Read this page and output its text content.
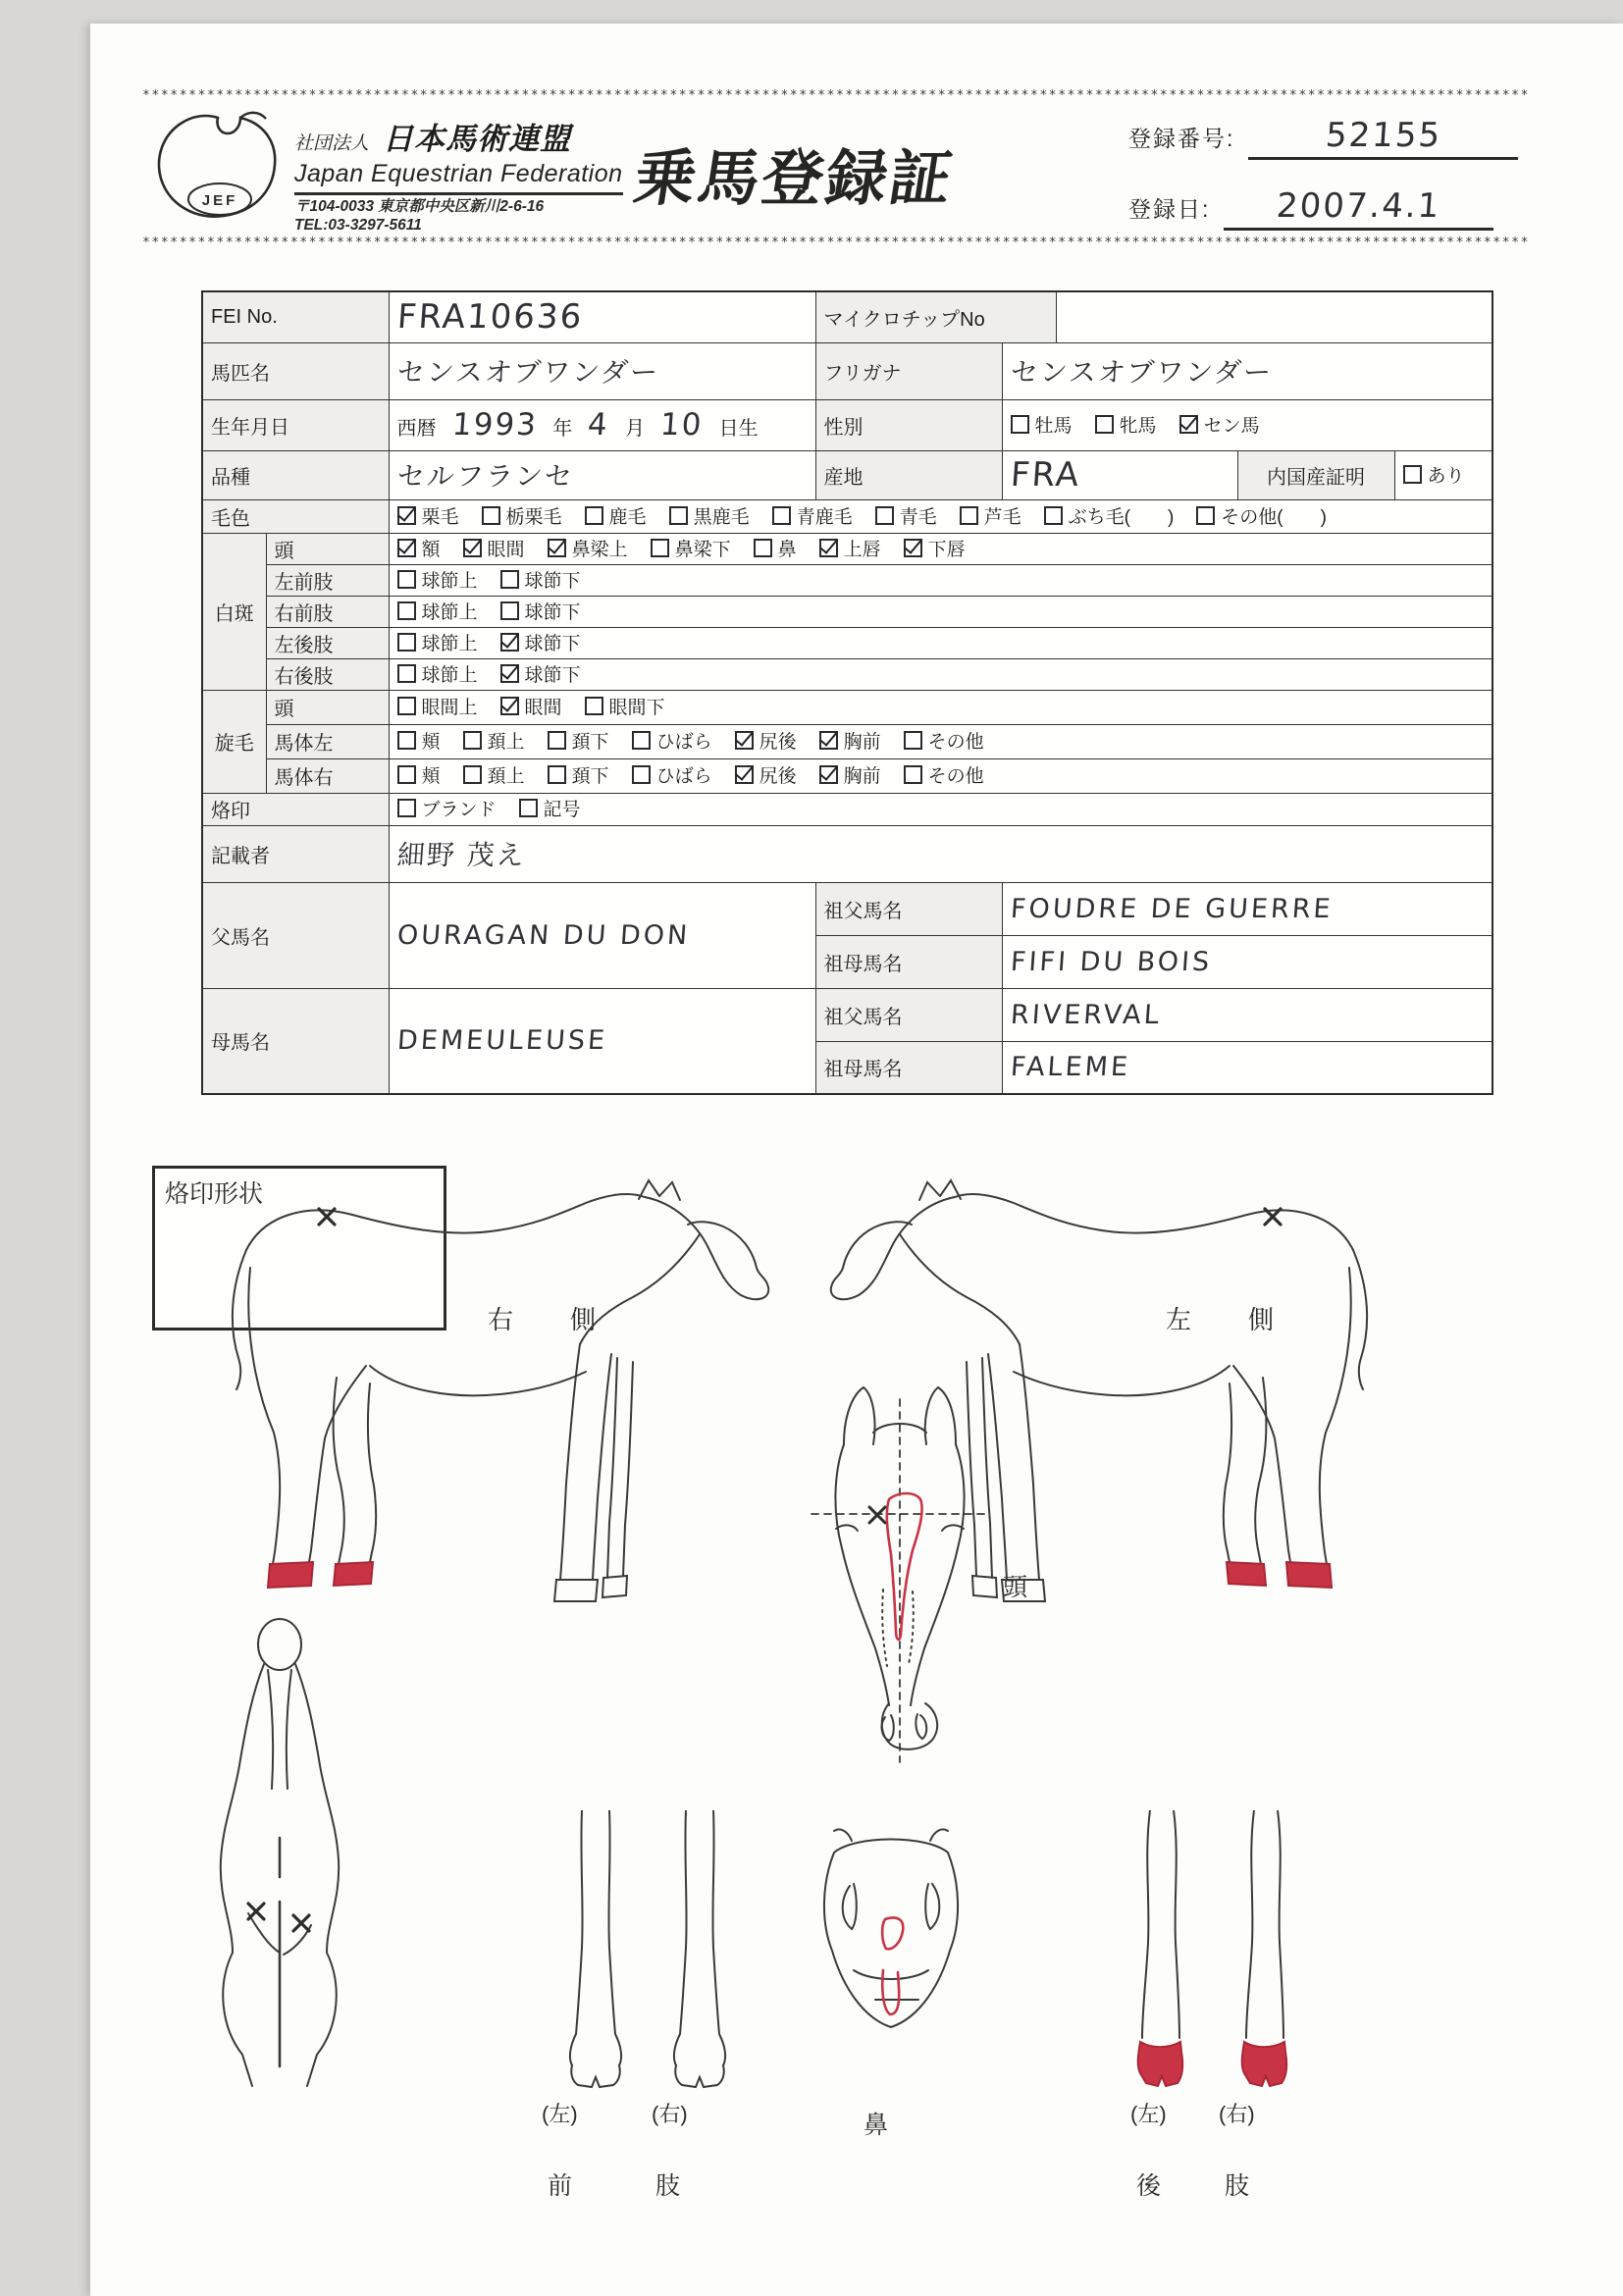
******************************************************************************************************************************************************
******************************************************************************************************************************************************
JEF
社団法人 日本馬術連盟
Japan Equestrian Federation
〒104-0033 東京都中央区新川2-6-16
TEL:03-3297-5611
乗馬登録証
登録番号:	52155
登録日:	2007.4.1
FEI No.		FRA10636	マイクロチップNo				
馬匹名		センスオブワンダー	フリガナ	センスオブワンダー			
生年月日	西暦 1993 年 4 月 10 日生	性別	牡馬	牝馬	セン馬

品種		セルフランセ	産地	FRA		内国産証明	あり

毛色	栗毛	栃栗毛	鹿毛	黒鹿毛	青鹿毛	青毛	芦毛	ぶち毛(　　)	その他(　　)

白斑	頭	額	眼間	鼻梁上	鼻梁下	鼻	上唇	下唇

	左前肢	球節上 球節下					

	右前肢	球節上 球節下					

	左後肢	球節上 球節下					

	右後肢	球節上 球節下					

旋毛	頭	眼間上 眼間 眼間下					

馬体左	頬	頚上	頚下	ひばら	尻後	胸前	その他

馬体右	頬	頚上	頚下	ひばら	尻後	胸前	その他

烙印		ブランド 記号					

記載者		細野 茂え					
父馬名		OURAGAN DU DON	祖父馬名	FOUDRE DE GUERRE			
			祖母馬名	FIFI DU BOIS			
母馬名		DEMEULEUSE	祖父馬名	RIVERVAL			
			祖母馬名	FALEME			
烙印形状
右　　側	左　　側
頭
鼻
(左)	(右)
前	肢
(左) (右)
後	肢
